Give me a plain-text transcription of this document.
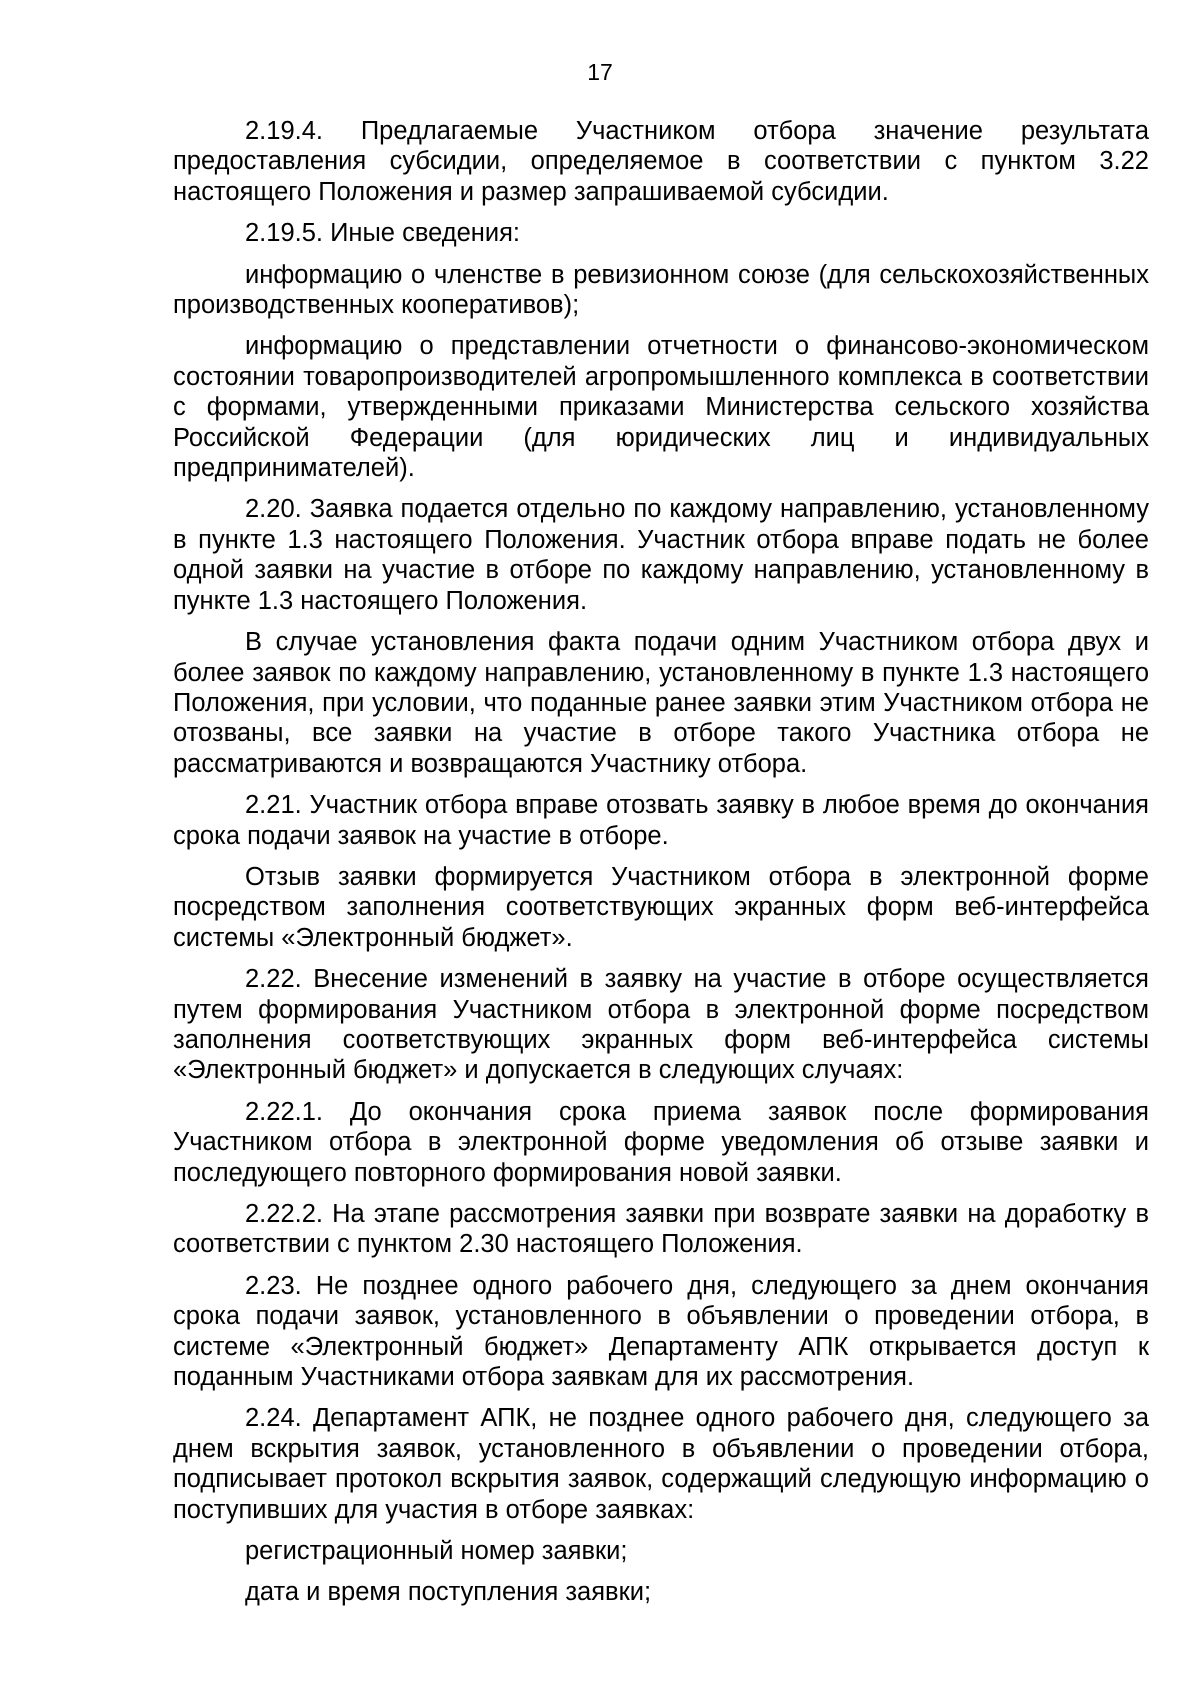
17

2.19.4. Предлагаемые Участником отбора значение результата предоставления субсидии, определяемое в соответствии с пунктом 3.22 настоящего Положения и размер запрашиваемой субсидии.

2.19.5. Иные сведения:

информацию о членстве в ревизионном союзе (для сельскохозяйственных производственных кооперативов);

информацию о представлении отчетности о финансово-экономическом состоянии товаропроизводителей агропромышленного комплекса в соответствии с формами, утвержденными приказами Министерства сельского хозяйства Российской Федерации (для юридических лиц и индивидуальных предпринимателей).

2.20. Заявка подается отдельно по каждому направлению, установленному в пункте 1.3 настоящего Положения. Участник отбора вправе подать не более одной заявки на участие в отборе по каждому направлению, установленному в пункте 1.3 настоящего Положения.

В случае установления факта подачи одним Участником отбора двух и более заявок по каждому направлению, установленному в пункте 1.3 настоящего Положения, при условии, что поданные ранее заявки этим Участником отбора не отозваны, все заявки на участие в отборе такого Участника отбора не рассматриваются и возвращаются Участнику отбора.

2.21. Участник отбора вправе отозвать заявку в любое время до окончания срока подачи заявок на участие в отборе.

Отзыв заявки формируется Участником отбора в электронной форме посредством заполнения соответствующих экранных форм веб-интерфейса системы «Электронный бюджет».

2.22. Внесение изменений в заявку на участие в отборе осуществляется путем формирования Участником отбора в электронной форме посредством заполнения соответствующих экранных форм веб-интерфейса системы «Электронный бюджет» и допускается в следующих случаях:

2.22.1. До окончания срока приема заявок после формирования Участником отбора в электронной форме уведомления об отзыве заявки и последующего повторного формирования новой заявки.

2.22.2. На этапе рассмотрения заявки при возврате заявки на доработку в соответствии с пунктом 2.30 настоящего Положения.

2.23. Не позднее одного рабочего дня, следующего за днем окончания срока подачи заявок, установленного в объявлении о проведении отбора, в системе «Электронный бюджет» Департаменту АПК открывается доступ к поданным Участниками отбора заявкам для их рассмотрения.

2.24. Департамент АПК, не позднее одного рабочего дня, следующего за днем вскрытия заявок, установленного в объявлении о проведении отбора, подписывает протокол вскрытия заявок, содержащий следующую информацию о поступивших для участия в отборе заявках:

регистрационный номер заявки;

дата и время поступления заявки;
